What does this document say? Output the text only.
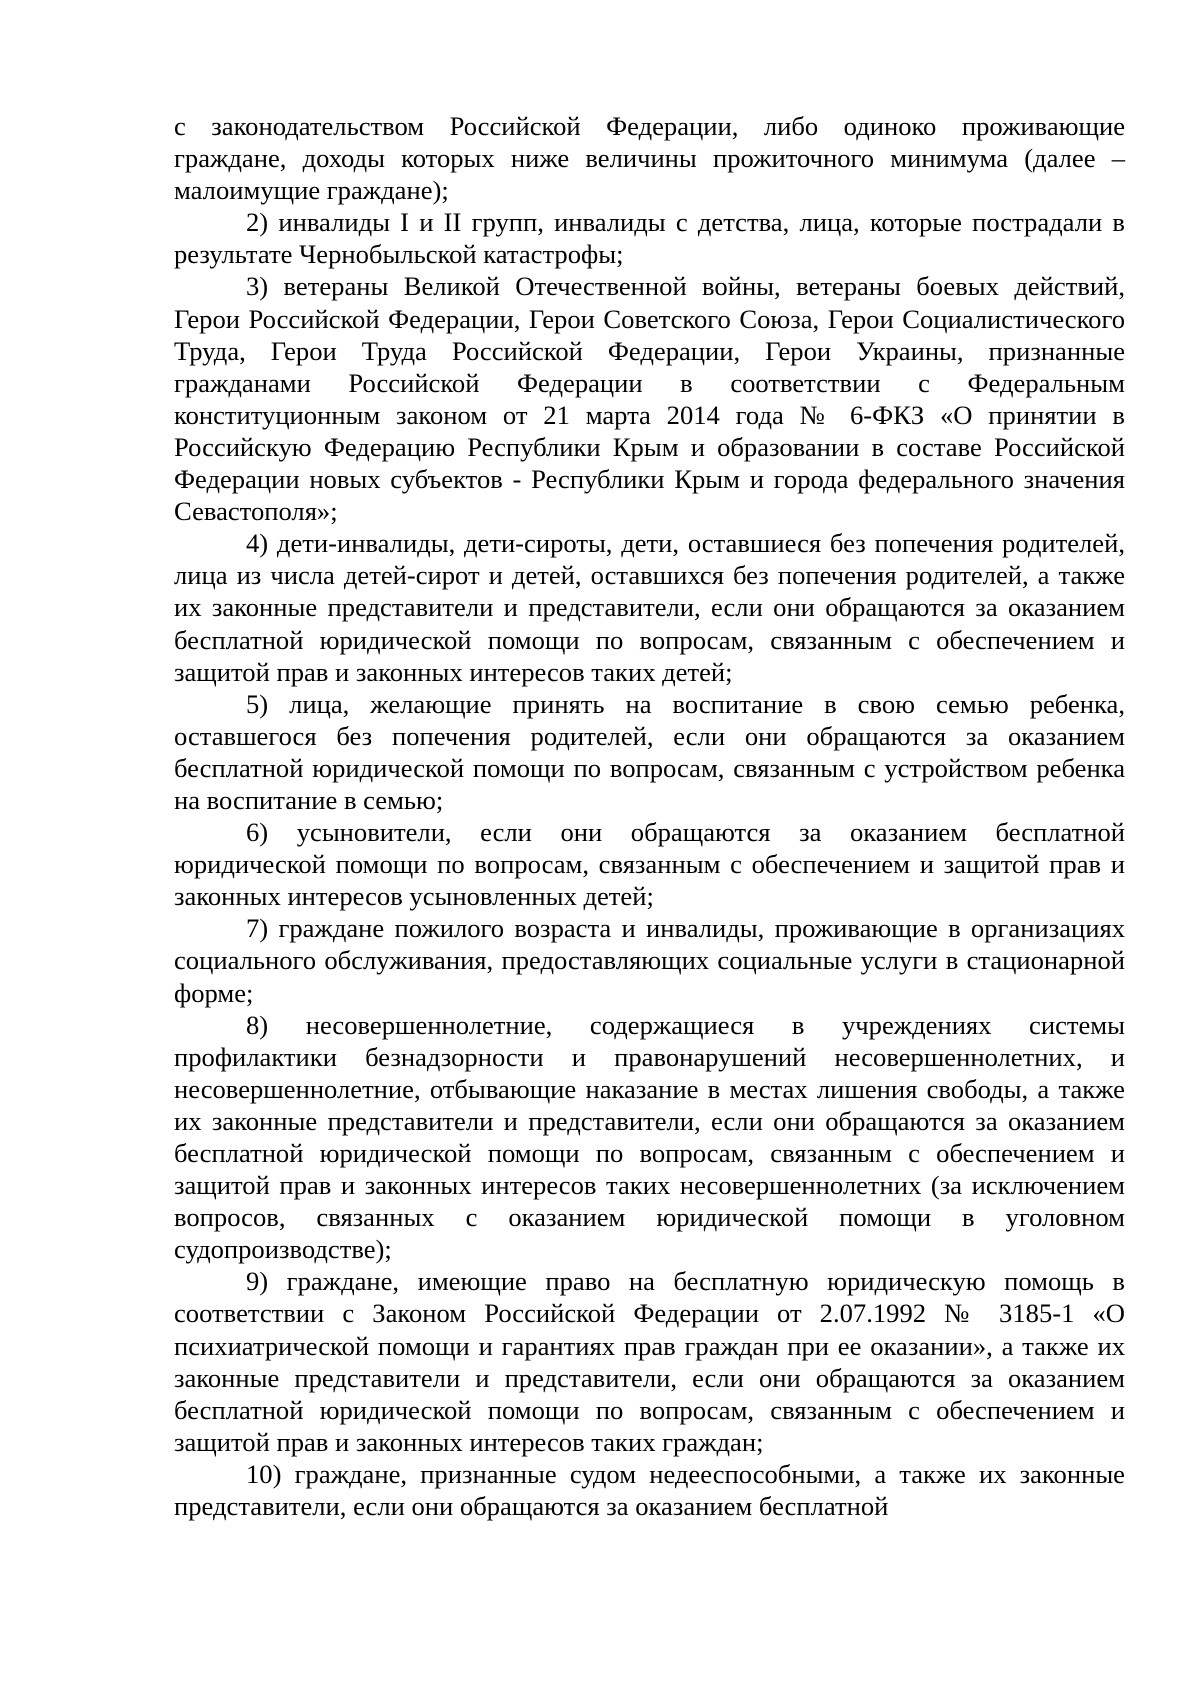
с законодательством Российской Федерации, либо одиноко проживающие граждане, доходы которых ниже величины прожиточного минимума (далее – малоимущие граждане);

2) инвалиды I и II групп, инвалиды с детства, лица, которые пострадали в результате Чернобыльской катастрофы;

3) ветераны Великой Отечественной войны, ветераны боевых действий, Герои Российской Федерации, Герои Советского Союза, Герои Социалистического Труда, Герои Труда Российской Федерации, Герои Украины, признанные гражданами Российской Федерации в соответствии с Федеральным конституционным законом от 21 марта 2014 года № 6-ФКЗ «О принятии в Российскую Федерацию Республики Крым и образовании в составе Российской Федерации новых субъектов - Республики Крым и города федерального значения Севастополя»;

4) дети-инвалиды, дети-сироты, дети, оставшиеся без попечения родителей, лица из числа детей-сирот и детей, оставшихся без попечения родителей, а также их законные представители и представители, если они обращаются за оказанием бесплатной юридической помощи по вопросам, связанным с обеспечением и защитой прав и законных интересов таких детей;

5) лица, желающие принять на воспитание в свою семью ребенка, оставшегося без попечения родителей, если они обращаются за оказанием бесплатной юридической помощи по вопросам, связанным с устройством ребенка на воспитание в семью;

6) усыновители, если они обращаются за оказанием бесплатной юридической помощи по вопросам, связанным с обеспечением и защитой прав и законных интересов усыновленных детей;

7) граждане пожилого возраста и инвалиды, проживающие в организациях социального обслуживания, предоставляющих социальные услуги в стационарной форме;

8) несовершеннолетние, содержащиеся в учреждениях системы профилактики безнадзорности и правонарушений несовершеннолетних, и несовершеннолетние, отбывающие наказание в местах лишения свободы, а также их законные представители и представители, если они обращаются за оказанием бесплатной юридической помощи по вопросам, связанным с обеспечением и защитой прав и законных интересов таких несовершеннолетних (за исключением вопросов, связанных с оказанием юридической помощи в уголовном судопроизводстве);

9) граждане, имеющие право на бесплатную юридическую помощь в соответствии с Законом Российской Федерации от 2.07.1992 № 3185-1 «О психиатрической помощи и гарантиях прав граждан при ее оказании», а также их законные представители и представители, если они обращаются за оказанием бесплатной юридической помощи по вопросам, связанным с обеспечением и защитой прав и законных интересов таких граждан;

10) граждане, признанные судом недееспособными, а также их законные представители, если они обращаются за оказанием бесплатной
